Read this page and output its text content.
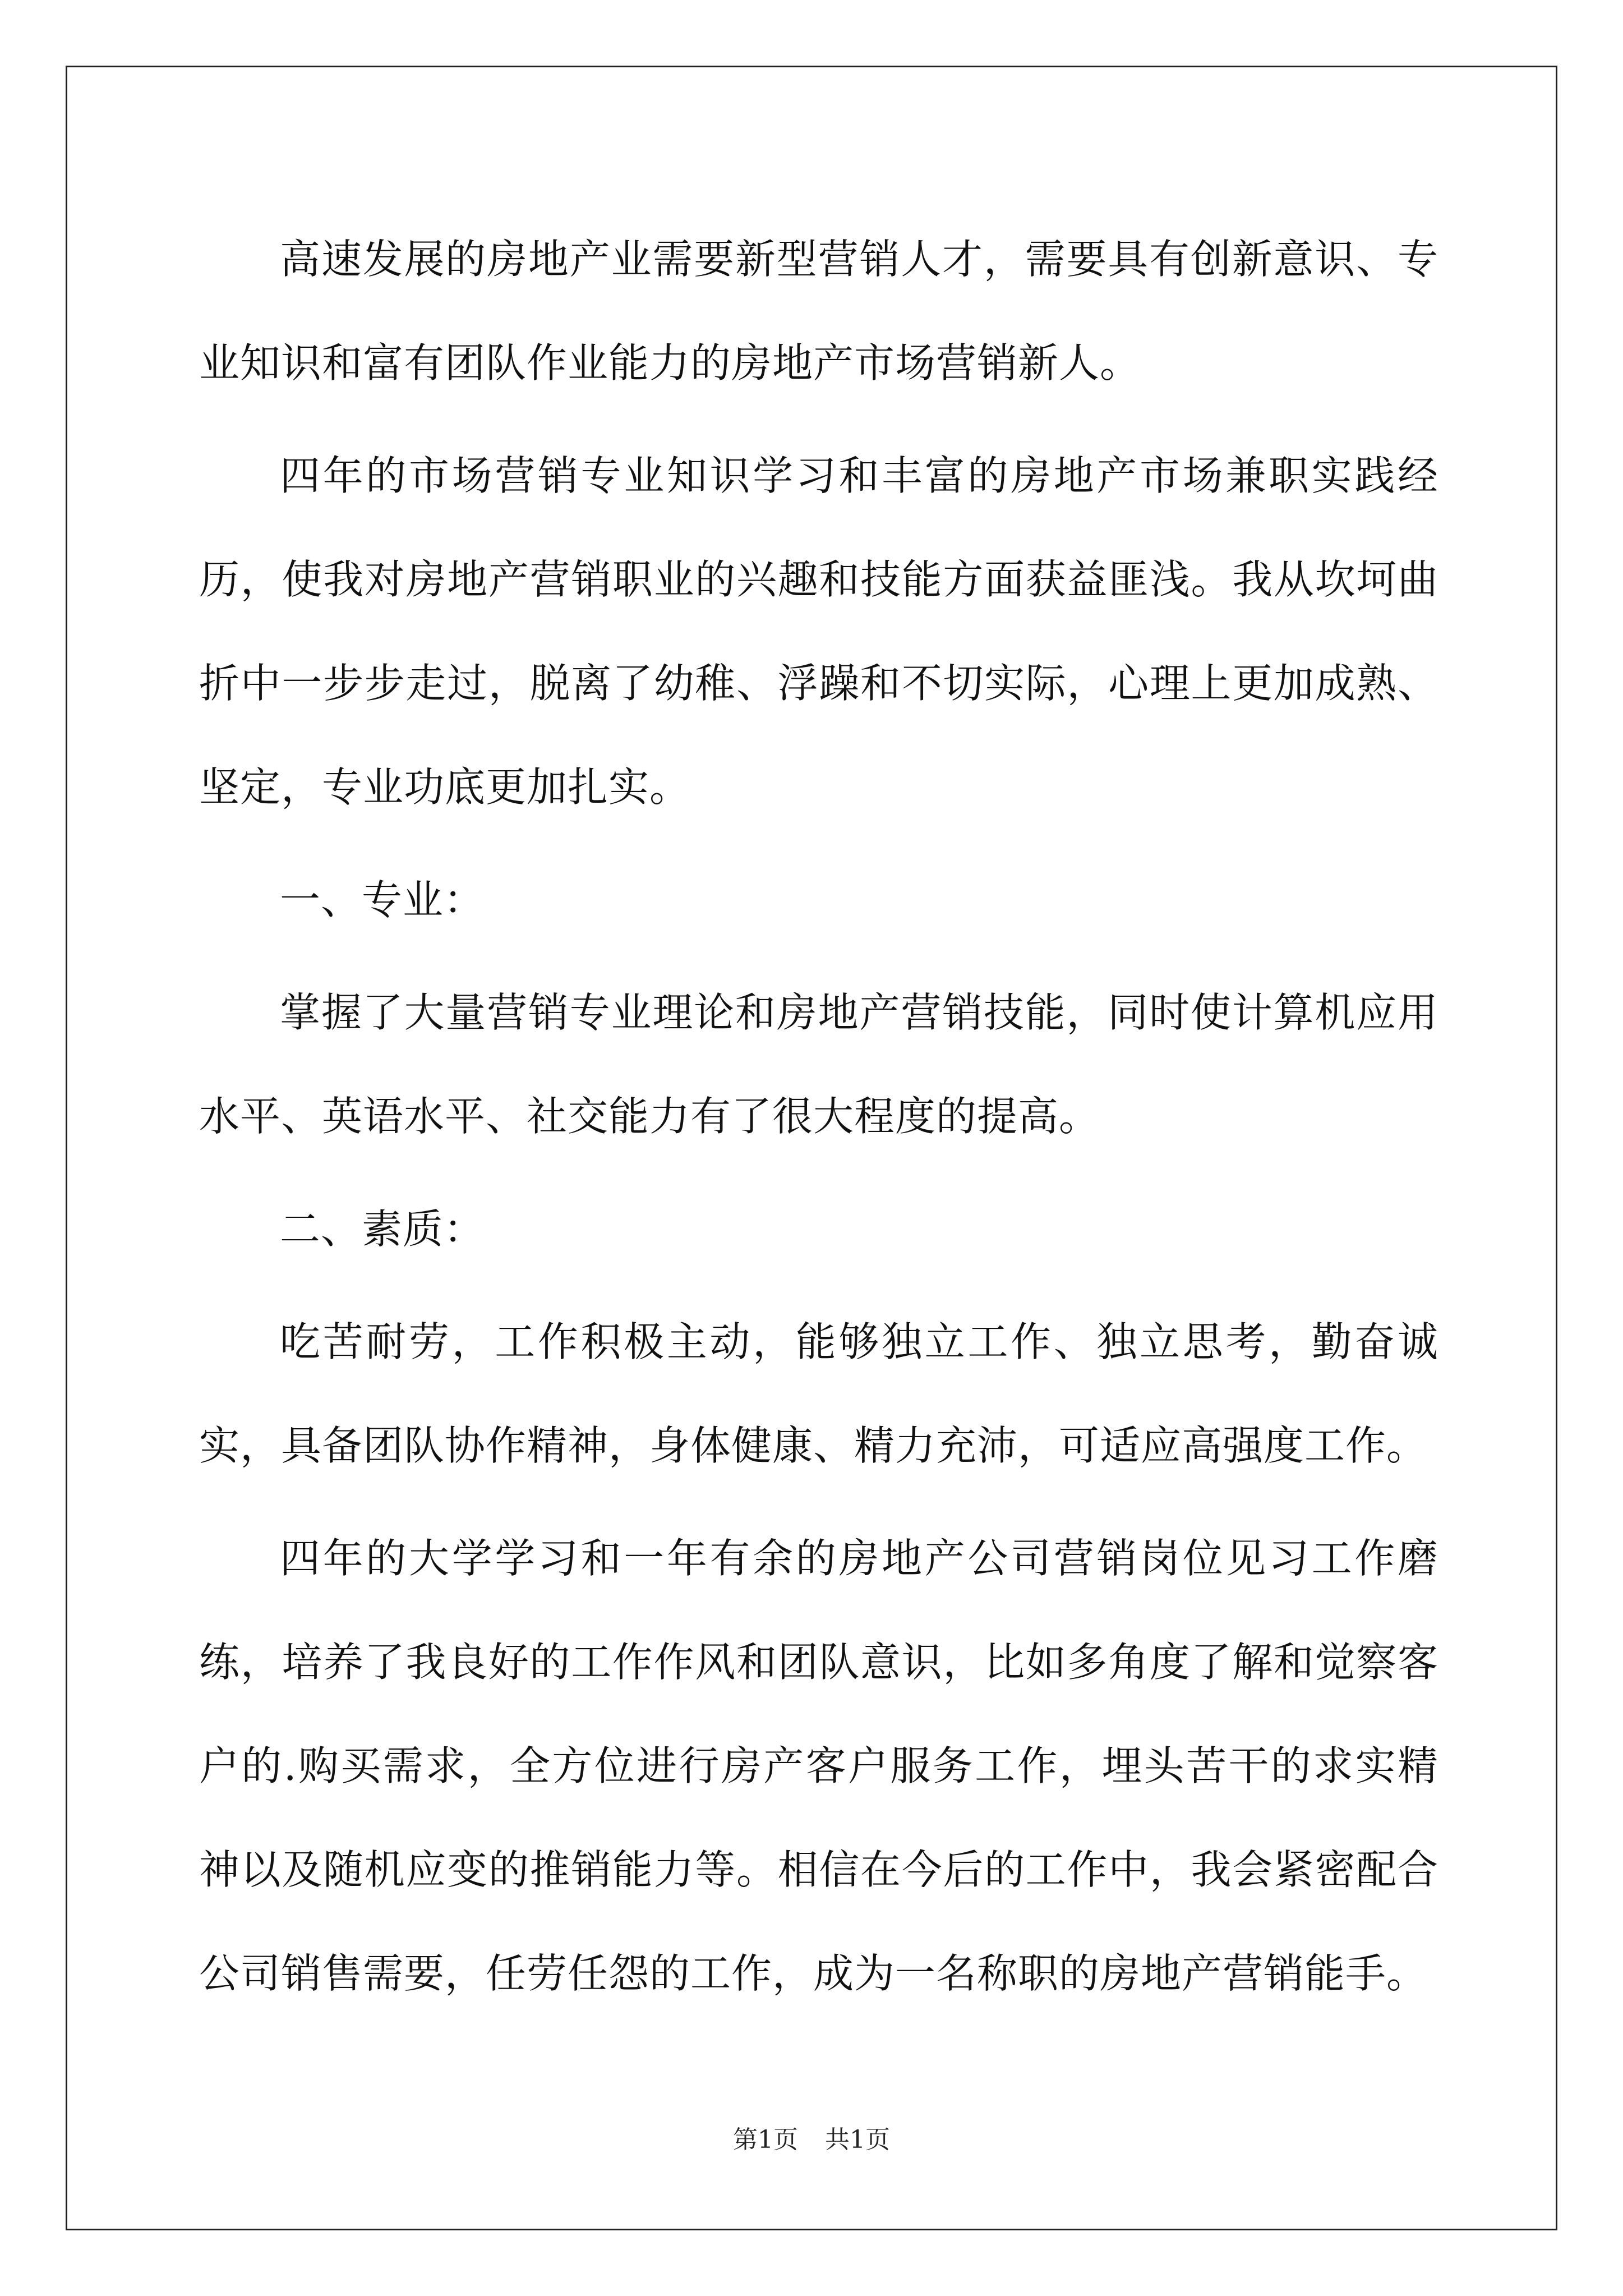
高速发展的房地产业需要新型营销人才，需要具有创新意识、专业知识和富有团队作业能力的房地产市场营销新人。

四年的市场营销专业知识学习和丰富的房地产市场兼职实践经历，使我对房地产营销职业的兴趣和技能方面获益匪浅。我从坎坷曲折中一步步走过，脱离了幼稚、浮躁和不切实际，心理上更加成熟、坚定，专业功底更加扎实。

一、专业：

掌握了大量营销专业理论和房地产营销技能，同时使计算机应用水平、英语水平、社交能力有了很大程度的提高。

二、素质：

吃苦耐劳，工作积极主动，能够独立工作、独立思考，勤奋诚实，具备团队协作精神，身体健康、精力充沛，可适应高强度工作。

四年的大学学习和一年有余的房地产公司营销岗位见习工作磨练，培养了我良好的工作作风和团队意识，比如多角度了解和觉察客户的.购买需求，全方位进行房产客户服务工作，埋头苦干的求实精神以及随机应变的推销能力等。相信在今后的工作中，我会紧密配合公司销售需要，任劳任怨的工作，成为一名称职的房地产营销能手。

第1页 共1页
